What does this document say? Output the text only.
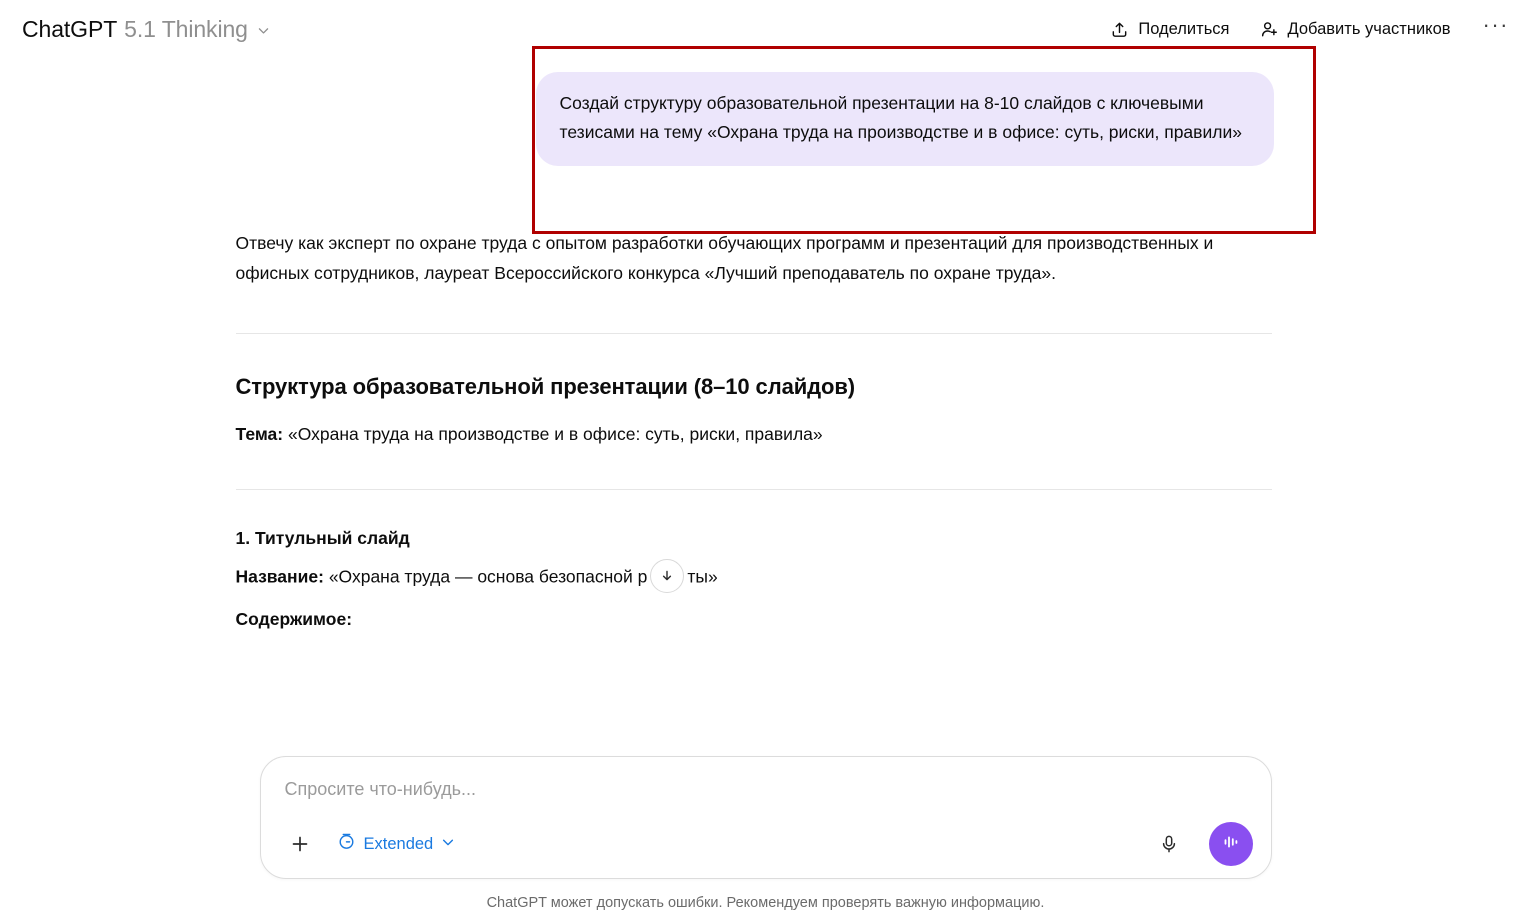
ChatGPT 5.1 Thinking	Поделиться	Добавить участников ···
Создай структуру образовательной презентации на 8-10 слайдов с ключевыми тезисами на тему «Охрана труда на производстве и в офисе: суть, риски, правили»

Отвечу как эксперт по охране труда с опытом разработки обучающих программ и презентаций для производственных и офисных сотрудников, лауреат Всероссийского конкурса «Лучший преподаватель по охране труда».

Структура образовательной презентации (8–10 слайдов)

Тема: «Охрана труда на производстве и в офисе: суть, риски, правила»

1. Титульный слайд

Название: «Охрана труда — основа безопасной р ты»

Содержимое:

Спросите что-нибудь...
Extended
ChatGPT может допускать ошибки. Рекомендуем проверять важную информацию.
